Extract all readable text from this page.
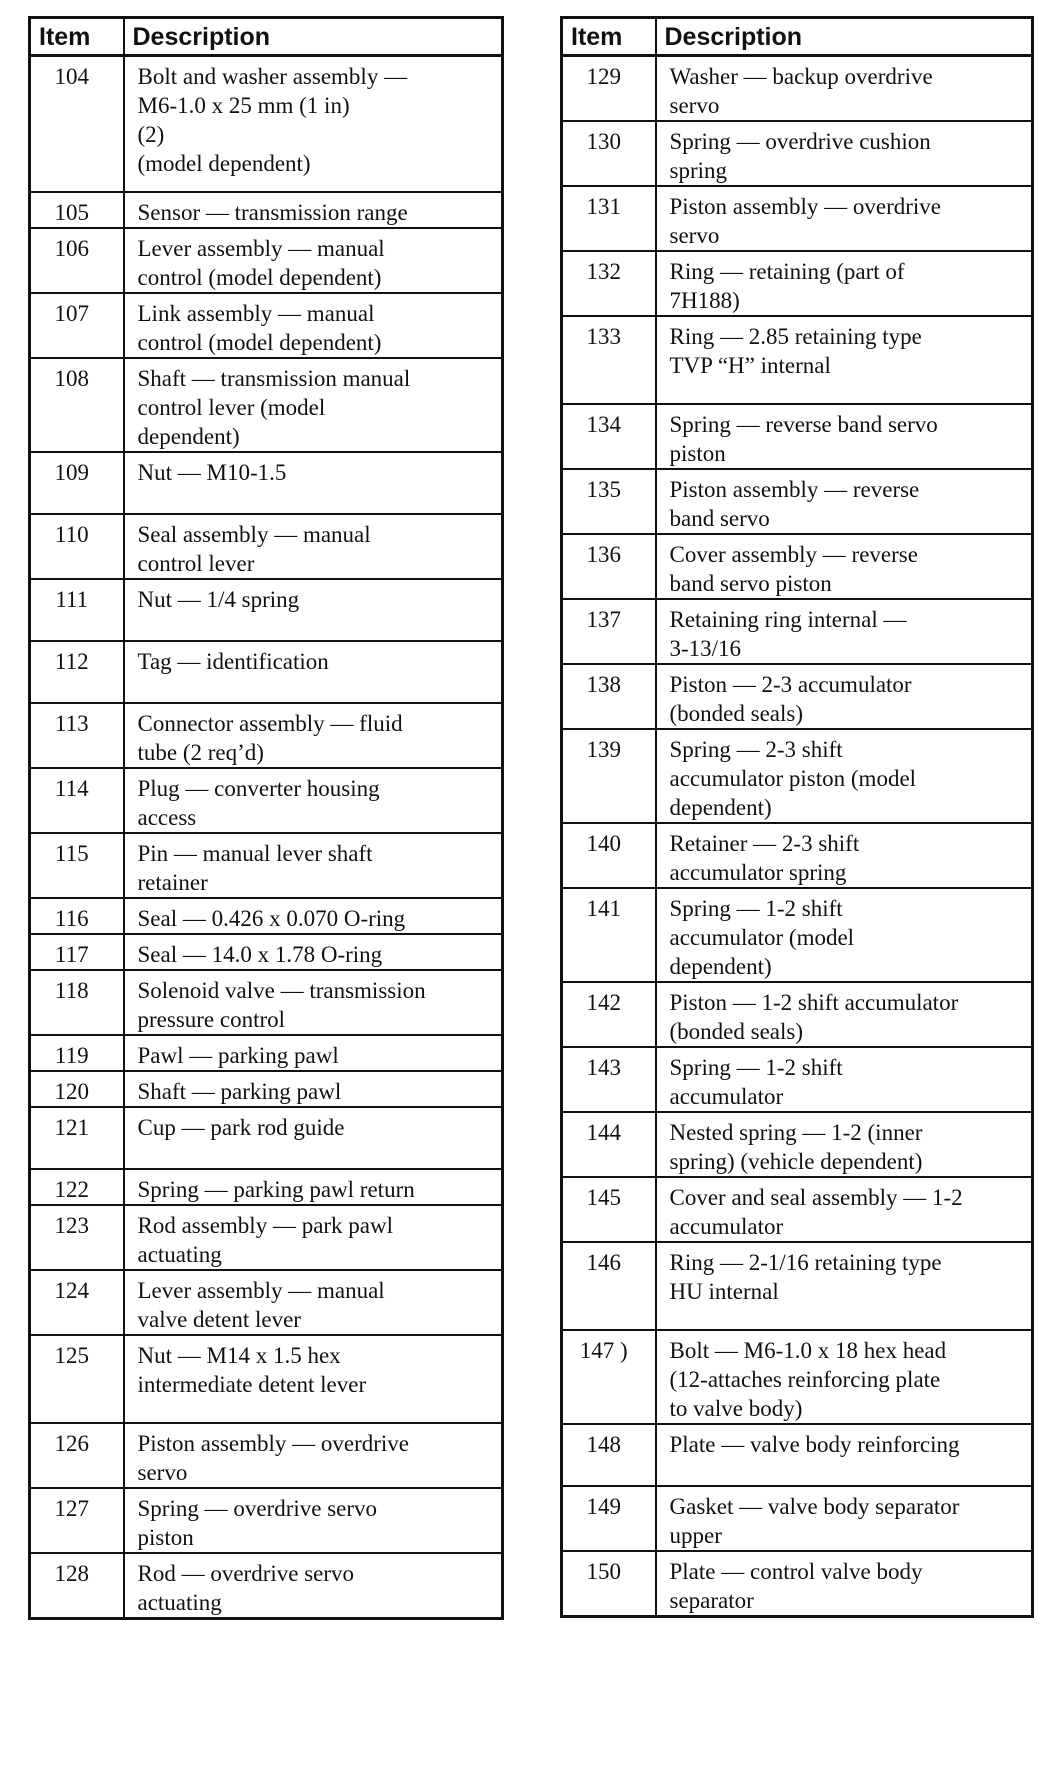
Item	Description
104	Bolt and washer assembly —
M6-1.0 x 25 mm (1 in)
(2)
(model dependent)

105	Sensor — transmission range

106	Lever assembly — manual
control (model dependent)

107	Link assembly — manual
control (model dependent)

108	Shaft — transmission manual
control lever (model
dependent)

109	Nut — M10-1.5

110	Seal assembly — manual
control lever

111	Nut — 1/4 spring

112	Tag — identification

113	Connector assembly — fluid
tube (2 req’d)

114	Plug — converter housing
access

115	Pin — manual lever shaft
retainer

116	Seal — 0.426 x 0.070 O-ring

117	Seal — 14.0 x 1.78 O-ring

118	Solenoid valve — transmission
pressure control

119	Pawl — parking pawl

120	Shaft — parking pawl

121	Cup — park rod guide

122	Spring — parking pawl return

123	Rod assembly — park pawl
actuating

124	Lever assembly — manual
valve detent lever

125	Nut — M14 x 1.5 hex
intermediate detent lever

126	Piston assembly — overdrive
servo

127	Spring — overdrive servo
piston

128	Rod — overdrive servo
actuating
Item	Description
129	Washer — backup overdrive
servo

130	Spring — overdrive cushion
spring

131	Piston assembly — overdrive
servo

132	Ring — retaining (part of
7H188)

133	Ring — 2.85 retaining type
TVP “H” internal

134	Spring — reverse band servo
piston

135	Piston assembly — reverse
band servo

136	Cover assembly — reverse
band servo piston

137	Retaining ring internal —
3-13/16

138	Piston — 2-3 accumulator
(bonded seals)

139	Spring — 2-3 shift
accumulator piston (model
dependent)

140	Retainer — 2-3 shift
accumulator spring

141	Spring — 1-2 shift
accumulator (model
dependent)

142	Piston — 1-2 shift accumulator
(bonded seals)

143	Spring — 1-2 shift
accumulator

144	Nested spring — 1-2 (inner
spring) (vehicle dependent)

145	Cover and seal assembly — 1-2
accumulator

146	Ring — 2-1/16 retaining type
HU internal

147 )	Bolt — M6-1.0 x 18 hex head
(12-attaches reinforcing plate
to valve body)

148	Plate — valve body reinforcing

149	Gasket — valve body separator
upper

150	Plate — control valve body
separator
